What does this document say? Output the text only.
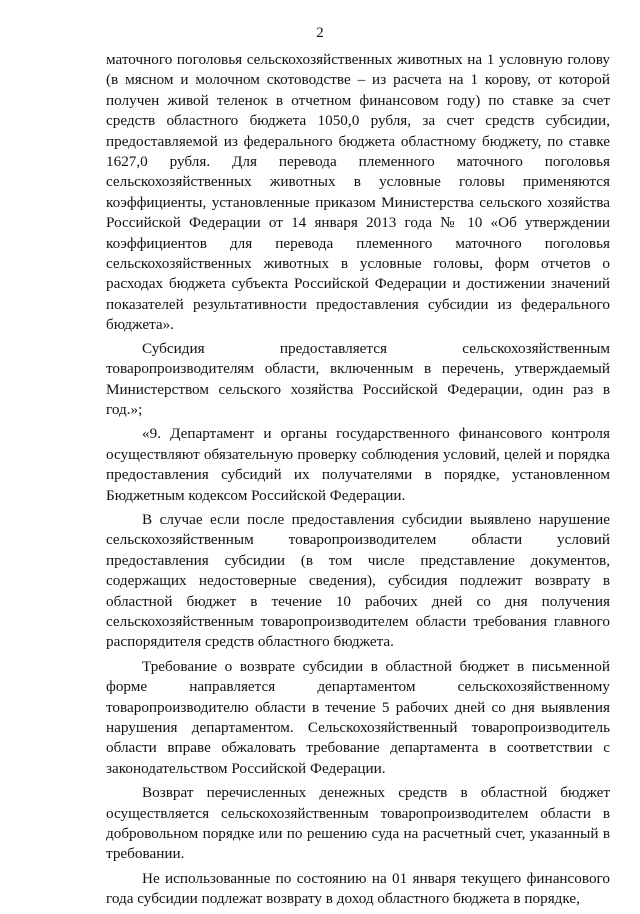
2

маточного поголовья сельскохозяйственных животных на 1 условную голову (в мясном и молочном скотоводстве – из расчета на 1 корову, от которой получен живой теленок в отчетном финансовом году) по ставке за счет средств областного бюджета 1050,0 рубля, за счет средств субсидии, предоставляемой из федерального бюджета областному бюджету, по ставке 1627,0 рубля. Для перевода племенного маточного поголовья сельскохозяйственных животных в условные головы применяются коэффициенты, установленные приказом Министерства сельского хозяйства Российской Федерации от 14 января 2013 года № 10 «Об утверждении коэффициентов для перевода племенного маточного поголовья сельскохозяйственных животных в условные головы, форм отчетов о расходах бюджета субъекта Российской Федерации и достижении значений показателей результативности предоставления субсидии из федерального бюджета».

Субсидия предоставляется сельскохозяйственным товаропроизводителям области, включенным в перечень, утверждаемый Министерством сельского хозяйства Российской Федерации, один раз в год.»;

«9. Департамент и органы государственного финансового контроля осуществляют обязательную проверку соблюдения условий, целей и порядка предоставления субсидий их получателями в порядке, установленном Бюджетным кодексом Российской Федерации.

В случае если после предоставления субсидии выявлено нарушение сельскохозяйственным товаропроизводителем области условий предоставления субсидии (в том числе представление документов, содержащих недостоверные сведения), субсидия подлежит возврату в областной бюджет в течение 10 рабочих дней со дня получения сельскохозяйственным товаропроизводителем области требования главного распорядителя средств областного бюджета.

Требование о возврате субсидии в областной бюджет в письменной форме направляется департаментом сельскохозяйственному товаропроизводителю области в течение 5 рабочих дней со дня выявления нарушения департаментом. Сельскохозяйственный товаропроизводитель области вправе обжаловать требование департамента в соответствии с законодательством Российской Федерации.

Возврат перечисленных денежных средств в областной бюджет осуществляется сельскохозяйственным товаропроизводителем области в добровольном порядке или по решению суда на расчетный счет, указанный в требовании.

Не использованные по состоянию на 01 января текущего финансового года субсидии подлежат возврату в доход областного бюджета в порядке,
